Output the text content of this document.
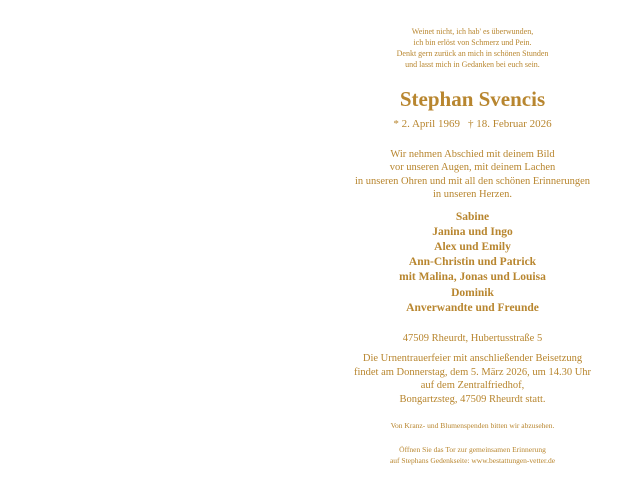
Weinet nicht, ich hab' es überwunden,
ich bin erlöst von Schmerz und Pein.
Denkt gern zurück an mich in schönen Stunden
und lasst mich in Gedanken bei euch sein.
Stephan Svencis
* 2. April 1969 † 18. Februar 2026
Wir nehmen Abschied mit deinem Bild
vor unseren Augen, mit deinem Lachen
in unseren Ohren und mit all den schönen Erinnerungen
in unseren Herzen.
Sabine
Janina und Ingo
Alex und Emily
Ann-Christin und Patrick
mit Malina, Jonas und Louisa
Dominik
Anverwandte und Freunde
47509 Rheurdt, Hubertusstraße 5
Die Urnentrauerfeier mit anschließender Beisetzung
findet am Donnerstag, dem 5. März 2026, um 14.30 Uhr
auf dem Zentralfriedhof,
Bongartzsteg, 47509 Rheurdt statt.
Von Kranz- und Blumenspenden bitten wir abzusehen.
Öffnen Sie das Tor zur gemeinsamen Erinnerung
auf Stephans Gedenkseite: www.bestattungen-vetter.de
